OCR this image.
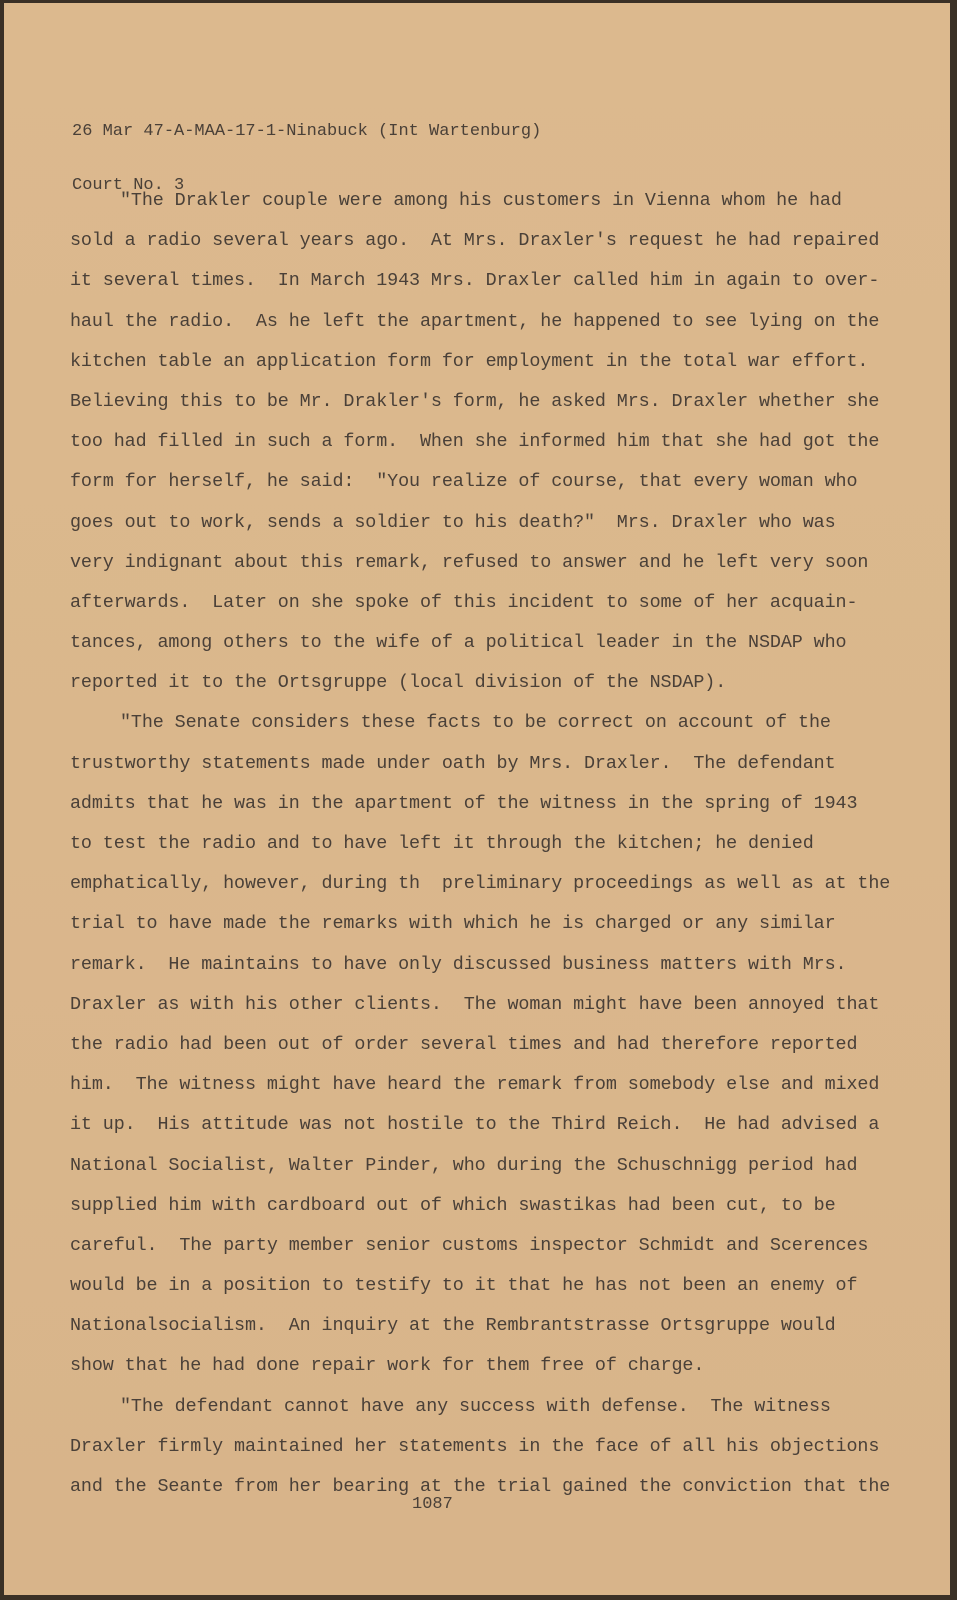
26 Mar 47-A-MAA-17-1-Ninabuck (Int Wartenburg)

Court No. 3

"The Drakler couple were among his customers in Vienna whom he had
sold a radio several years ago.  At Mrs. Draxler's request he had repaired
it several times.  In March 1943 Mrs. Draxler called him in again to over-
haul the radio.  As he left the apartment, he happened to see lying on the
kitchen table an application form for employment in the total war effort.
Believing this to be Mr. Drakler's form, he asked Mrs. Draxler whether she
too had filled in such a form.  When she informed him that she had got the
form for herself, he said:  "You realize of course, that every woman who
goes out to work, sends a soldier to his death?"  Mrs. Draxler who was
very indignant about this remark, refused to answer and he left very soon
afterwards.  Later on she spoke of this incident to some of her acquain-
tances, among others to the wife of a political leader in the NSDAP who
reported it to the Ortsgruppe (local division of the NSDAP).
"The Senate considers these facts to be correct on account of the
trustworthy statements made under oath by Mrs. Draxler.  The defendant
admits that he was in the apartment of the witness in the spring of 1943
to test the radio and to have left it through the kitchen; he denied
emphatically, however, during th  preliminary proceedings as well as at the
trial to have made the remarks with which he is charged or any similar
remark.  He maintains to have only discussed business matters with Mrs.
Draxler as with his other clients.  The woman might have been annoyed that
the radio had been out of order several times and had therefore reported
him.  The witness might have heard the remark from somebody else and mixed
it up.  His attitude was not hostile to the Third Reich.  He had advised a
National Socialist, Walter Pinder, who during the Schuschnigg period had
supplied him with cardboard out of which swastikas had been cut, to be
careful.  The party member senior customs inspector Schmidt and Scerences
would be in a position to testify to it that he has not been an enemy of
Nationalsocialism.  An inquiry at the Rembrantstrasse Ortsgruppe would
show that he had done repair work for them free of charge.
"The defendant cannot have any success with defense.  The witness
Draxler firmly maintained her statements in the face of all his objections
and the Seante from her bearing at the trial gained the conviction that the
1087
